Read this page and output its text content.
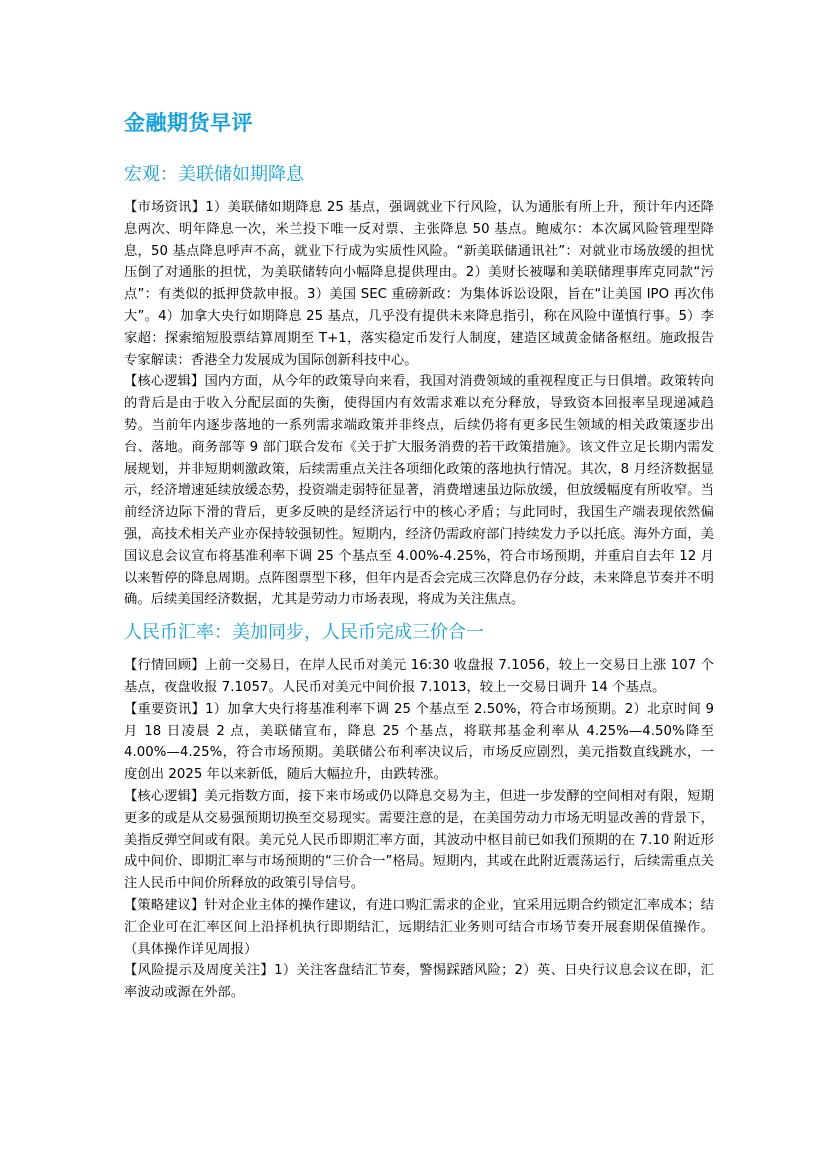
金融期货早评
宏观：美联储如期降息

【市场资讯】1）美联储如期降息 25 基点，强调就业下行风险，认为通胀有所上升，预计年内还降息两次、明年降息一次，米兰投下唯一反对票、主张降息 50 基点。鲍威尔：本次属风险管理型降息，50 基点降息呼声不高，就业下行成为实质性风险。“新美联储通讯社”：对就业市场放缓的担忧压倒了对通胀的担忧，为美联储转向小幅降息提供理由。2）美财长被曝和美联储理事库克同款“污点”：有类似的抵押贷款申报。3）美国 SEC 重磅新政：为集体诉讼设限，旨在“让美国 IPO 再次伟大”。4）加拿大央行如期降息 25 基点，几乎没有提供未来降息指引，称在风险中谨慎行事。5）李家超：探索缩短股票结算周期至 T+1，落实稳定币发行人制度，建造区域黄金储备枢纽。施政报告专家解读：香港全力发展成为国际创新科技中心。

【核心逻辑】国内方面，从今年的政策导向来看，我国对消费领域的重视程度正与日俱增。政策转向的背后是由于收入分配层面的失衡，使得国内有效需求难以充分释放，导致资本回报率呈现递减趋势。当前年内逐步落地的一系列需求端政策并非终点，后续仍将有更多民生领域的相关政策逐步出台、落地。商务部等 9 部门联合发布《关于扩大服务消费的若干政策措施》。该文件立足长期内需发展规划，并非短期刺激政策，后续需重点关注各项细化政策的落地执行情况。其次，8 月经济数据显示，经济增速延续放缓态势，投资端走弱特征显著，消费增速虽边际放缓，但放缓幅度有所收窄。当前经济边际下滑的背后，更多反映的是经济运行中的核心矛盾；与此同时，我国生产端表现依然偏强，高技术相关产业亦保持较强韧性。短期内，经济仍需政府部门持续发力予以托底。海外方面，美国议息会议宣布将基准利率下调 25 个基点至 4.00%-4.25%，符合市场预期，并重启自去年 12 月以来暂停的降息周期。点阵图票型下移，但年内是否会完成三次降息仍存分歧，未来降息节奏并不明确。后续美国经济数据，尤其是劳动力市场表现，将成为关注焦点。

人民币汇率：美加同步，人民币完成三价合一

【行情回顾】上前一交易日，在岸人民币对美元 16:30 收盘报 7.1056，较上一交易日上涨 107 个基点，夜盘收报 7.1057。人民币对美元中间价报 7.1013，较上一交易日调升 14 个基点。

【重要资讯】1）加拿大央行将基准利率下调 25 个基点至 2.50%，符合市场预期。2）北京时间 9 月 18 日凌晨 2 点，美联储宣布，降息 25 个基点，将联邦基金利率从 4.25%—4.50%降至 4.00%—4.25%，符合市场预期。美联储公布利率决议后，市场反应剧烈，美元指数直线跳水，一度创出 2025 年以来新低，随后大幅拉升，由跌转涨。

【核心逻辑】美元指数方面，接下来市场或仍以降息交易为主，但进一步发酵的空间相对有限，短期更多的或是从交易强预期切换至交易现实。需要注意的是，在美国劳动力市场无明显改善的背景下，美指反弹空间或有限。美元兑人民币即期汇率方面，其波动中枢目前已如我们预期的在 7.10 附近形成中间价、即期汇率与市场预期的“三价合一”格局。短期内，其或在此附近震荡运行，后续需重点关注人民币中间价所释放的政策引导信号。

【策略建议】针对企业主体的操作建议，有进口购汇需求的企业，宜采用远期合约锁定汇率成本；结汇企业可在汇率区间上沿择机执行即期结汇，远期结汇业务则可结合市场节奏开展套期保值操作。（具体操作详见周报）

【风险提示及周度关注】1）关注客盘结汇节奏，警惕踩踏风险；2）英、日央行议息会议在即，汇率波动或源在外部。
